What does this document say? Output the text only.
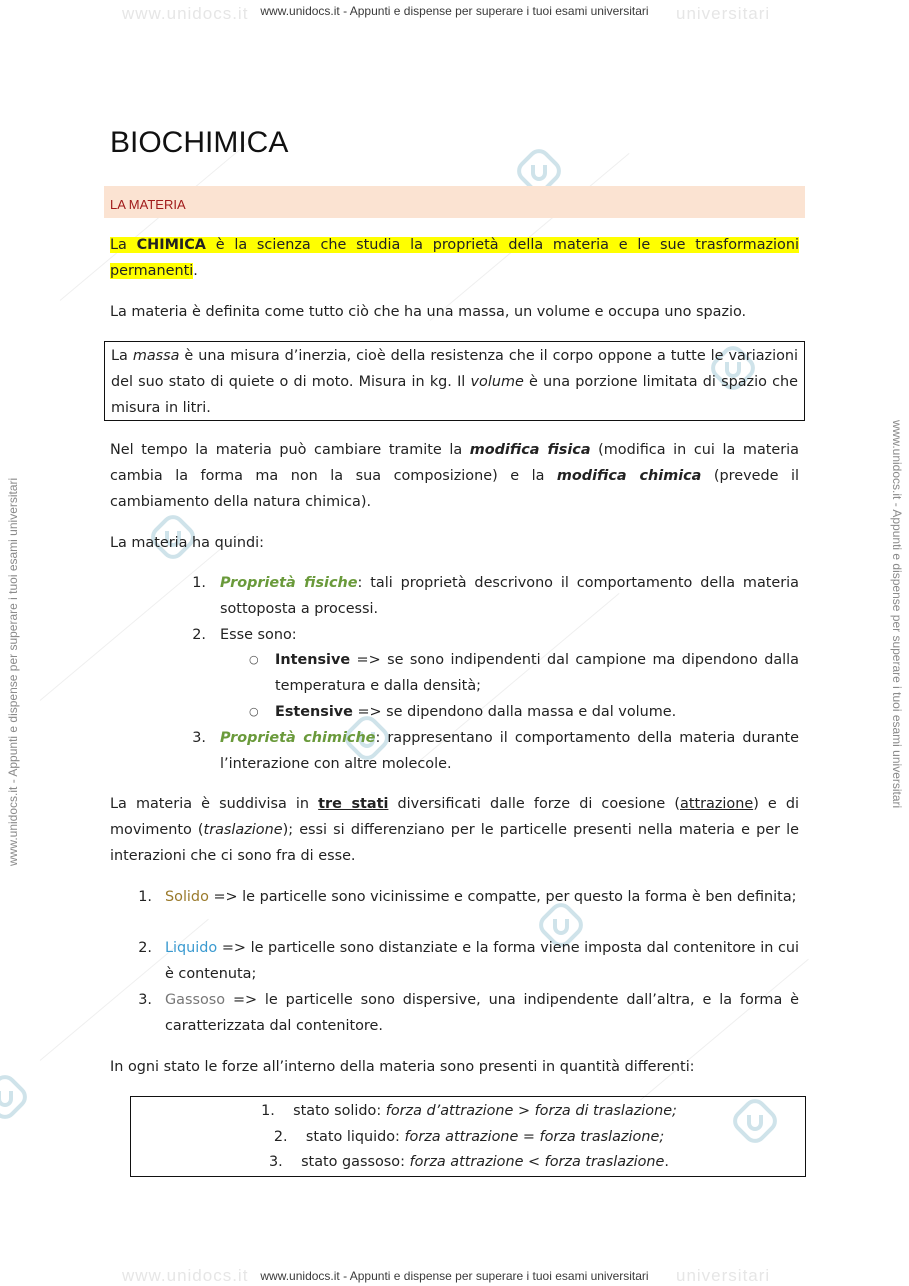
www.unidocs.it	universitari
www.unidocs.it	universitari
www.unidocs.it - Appunti e dispense per superare i tuoi esami universitari
www.unidocs.it - Appunti e dispense per superare i tuoi esami universitari
www.unidocs.it - Appunti e dispense per superare i tuoi esami universitari	www.unidocs.it - Appunti e dispense per superare i tuoi esami universitari
BIOCHIMICA
LA MATERIA

La CHIMICA è la scienza che studia la proprietà della materia e le sue trasformazioni permanenti.

La materia è definita come tutto ciò che ha una massa, un volume e occupa uno spazio.

La massa è una misura d’inerzia, cioè della resistenza che il corpo oppone a tutte le variazioni del suo stato di quiete o di moto. Misura in kg. Il volume è una porzione limitata di spazio che misura in litri.

Nel tempo la materia può cambiare tramite la modifica fisica (modifica in cui la materia cambia la forma ma non la sua composizione) e la modifica chimica (prevede il cambiamento della natura chimica).

La materia ha quindi:

1. Proprietà fisiche: tali proprietà descrivono il comportamento della materia sottoposta a processi.

2. Esse sono:

○ Intensive => se sono indipendenti dal campione ma dipendono dalla temperatura e dalla densità;

○ Estensive => se dipendono dalla massa e dal volume.

3. Proprietà chimiche: rappresentano il comportamento della materia durante l’interazione con altre molecole.

La materia è suddivisa in tre stati diversificati dalle forze di coesione (attrazione) e di movimento (traslazione); essi si differenziano per le particelle presenti nella materia e per le interazioni che ci sono fra di esse.

1. Solido => le particelle sono vicinissime e compatte, per questo la forma è ben definita;

2. Liquido => le particelle sono distanziate e la forma viene imposta dal contenitore in cui è contenuta;

3. Gassoso => le particelle sono dispersive, una indipendente dall’altra, e la forma è caratterizzata dal contenitore.

In ogni stato le forze all’interno della materia sono presenti in quantità differenti:

1. stato solido: forza d’attrazione > forza di traslazione;
2. stato liquido: forza attrazione = forza traslazione;
3. stato gassoso: forza attrazione < forza traslazione.
